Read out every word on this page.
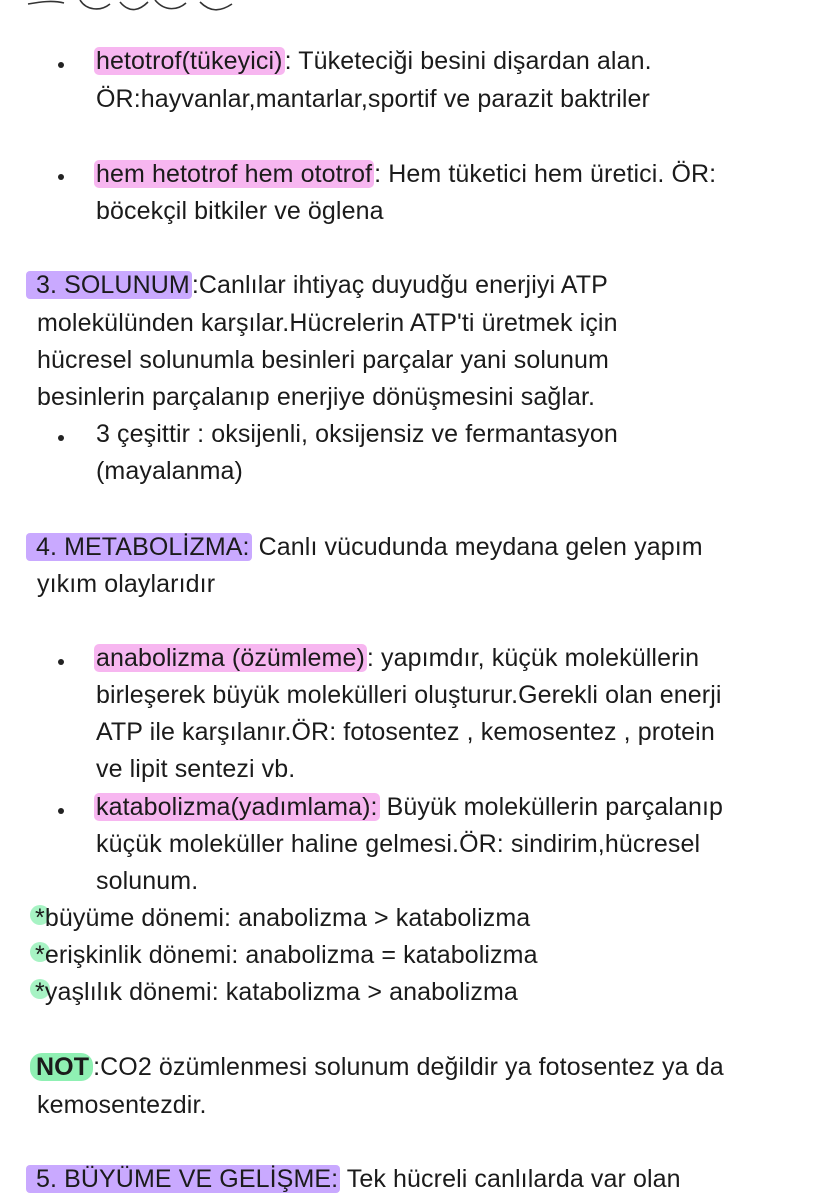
hetotrof(tükeyici): Tüketeciği besini dişardan alan.
ÖR:hayvanlar,mantarlar,sportif ve parazit baktriler
hem hetotrof hem ototrof: Hem tüketici hem üretici. ÖR:
böcekçil bitkiler ve öglena
3. SOLUNUM:Canlılar ihtiyaç duyudğu enerjiyi ATP
molekülünden karşılar.Hücrelerin ATP'ti üretmek için
hücresel solunumla besinleri parçalar yani solunum
besinlerin parçalanıp enerjiye dönüşmesini sağlar.
3 çeşittir : oksijenli, oksijensiz ve fermantasyon
(mayalanma)
4. METABOLİZMA: Canlı vücudunda meydana gelen yapım
yıkım olaylarıdır
anabolizma (özümleme): yapımdır, küçük moleküllerin
birleşerek büyük molekülleri oluşturur.Gerekli olan enerji
ATP ile karşılanır.ÖR: fotosentez , kemosentez , protein
ve lipit sentezi vb.
katabolizma(yadımlama): Büyük moleküllerin parçalanıp
küçük moleküller haline gelmesi.ÖR: sindirim,hücresel
solunum.
*büyüme dönemi: anabolizma > katabolizma
*erişkinlik dönemi: anabolizma = katabolizma
*yaşlılık dönemi: katabolizma > anabolizma
NOT :CO2 özümlenmesi solunum değildir ya fotosentez ya da
kemosentezdir.
5. BÜYÜME VE GELİŞME: Tek hücreli canlılarda var olan
